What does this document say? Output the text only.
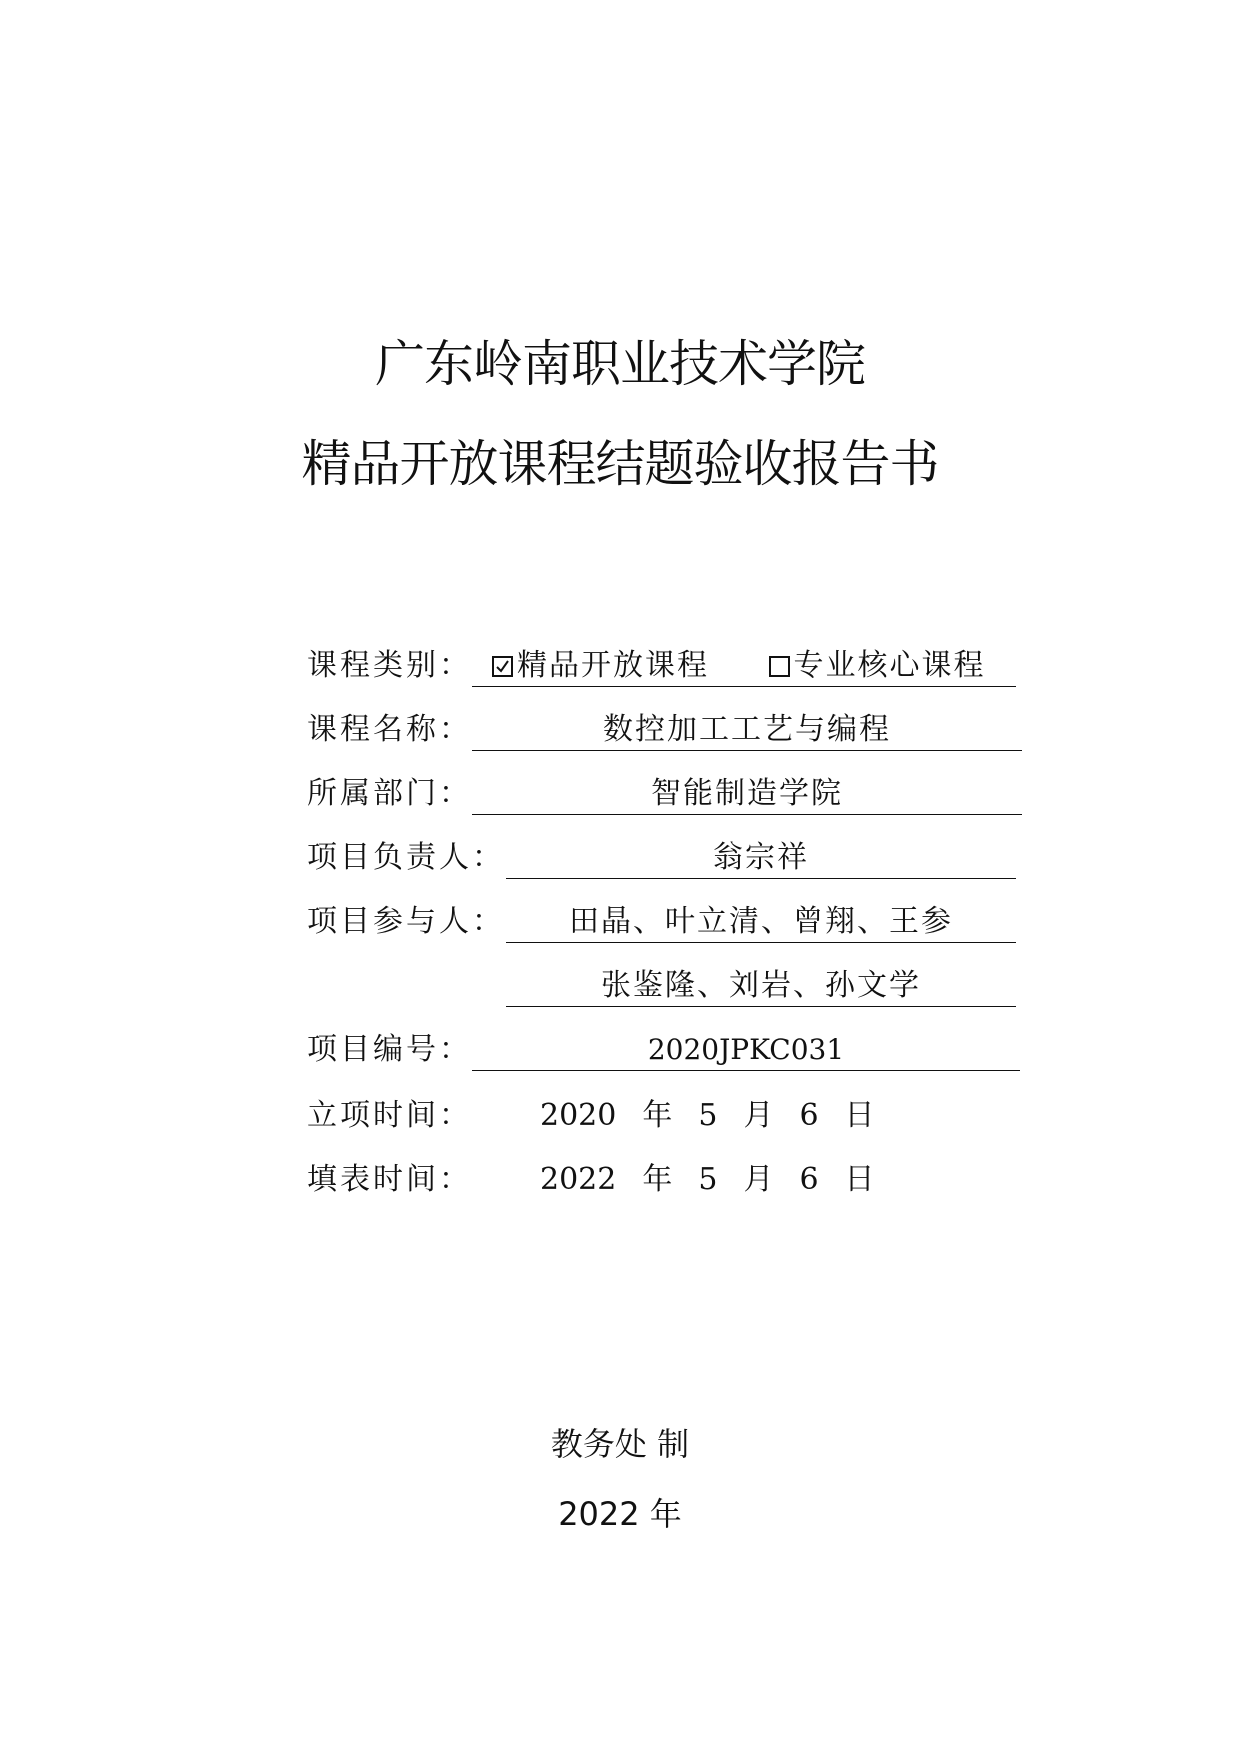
广东岭南职业技术学院
精品开放课程结题验收报告书
课程类别：	精品开放课程	专业核心课程
课程名称：	数控加工工艺与编程
所属部门：	智能制造学院
项目负责人：	翁宗祥
项目参与人：	田晶、叶立清、曾翔、王参
张鉴隆、刘岩、孙文学
项目编号：	2020JPKC031
立项时间： 2020 年 5 月 6 日
填表时间： 2022 年 5 月 6 日
教务处 制
2022 年
